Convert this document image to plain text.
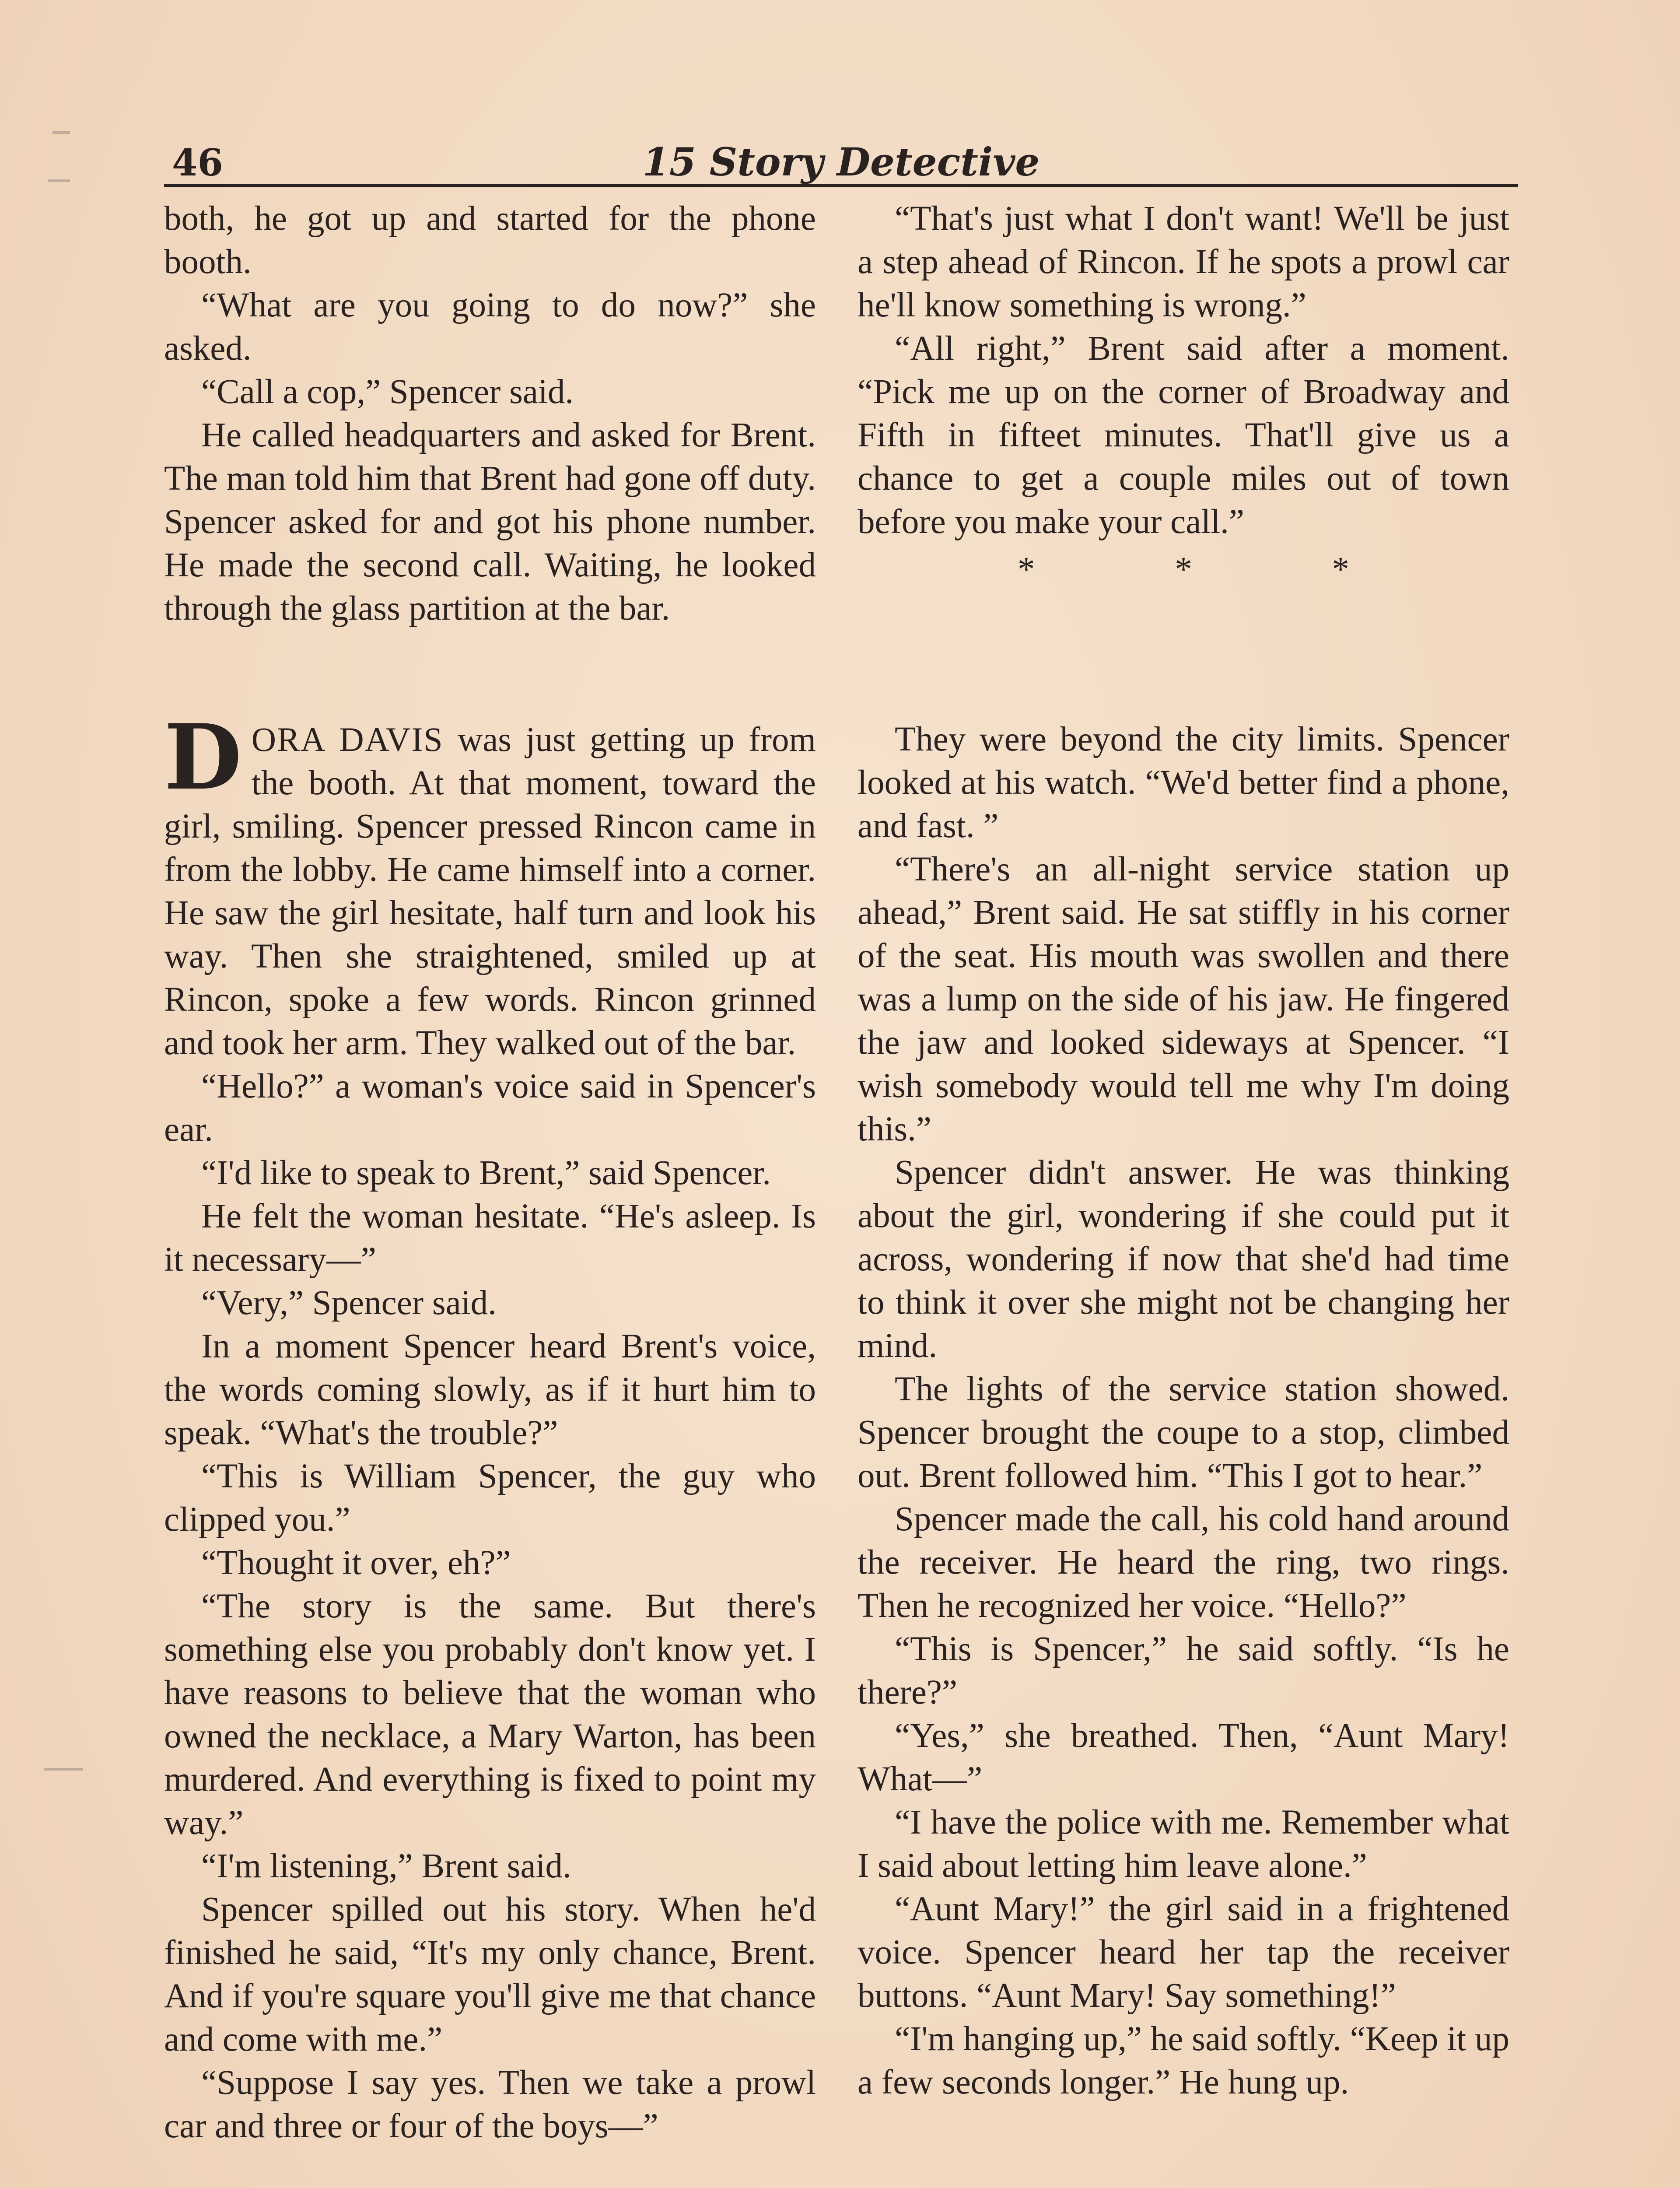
46	15 Story Detective

both, he got up and started for the phone booth.

“What are you going to do now?” she asked.

“Call a cop,” Spencer said.

He called headquarters and asked for Brent. The man told him that Brent had gone off duty. Spencer asked for and got his phone number. He made the second call. Waiting, he looked through the glass partition at the bar.

DORA DAVIS was just getting up from the booth. At that moment, toward the girl, smiling. Spencer pressed Rincon came in from the lobby. He came himself into a corner. He saw the girl hesitate, half turn and look his way. Then she straightened, smiled up at Rincon, spoke a few words. Rincon grinned and took her arm. They walked out of the bar.

“Hello?” a woman's voice said in Spencer's ear.

“I'd like to speak to Brent,” said Spencer.

He felt the woman hesitate. “He's asleep. Is it necessary—”

“Very,” Spencer said.

In a moment Spencer heard Brent's voice, the words coming slowly, as if it hurt him to speak. “What's the trouble?”

“This is William Spencer, the guy who clipped you.”

“Thought it over, eh?”

“The story is the same. But there's something else you probably don't know yet. I have reasons to believe that the woman who owned the necklace, a Mary Warton, has been murdered. And everything is fixed to point my way.”

“I'm listening,” Brent said.

Spencer spilled out his story. When he'd finished he said, “It's my only chance, Brent. And if you're square you'll give me that chance and come with me.”

“Suppose I say yes. Then we take a prowl car and three or four of the boys—”

“That's just what I don't want! We'll be just a step ahead of Rincon. If he spots a prowl car he'll know something is wrong.”

“All right,” Brent said after a moment. “Pick me up on the corner of Broadway and Fifth in fifteet minutes. That'll give us a chance to get a couple miles out of town before you make your call.”

* * *

They were beyond the city limits. Spencer looked at his watch. “We'd better find a phone, and fast. ”

“There's an all-night service station up ahead,” Brent said. He sat stiffly in his corner of the seat. His mouth was swollen and there was a lump on the side of his jaw. He fingered the jaw and looked sideways at Spencer. “I wish somebody would tell me why I'm doing this.”

Spencer didn't answer. He was thinking about the girl, wondering if she could put it across, wondering if now that she'd had time to think it over she might not be changing her mind.

The lights of the service station showed. Spencer brought the coupe to a stop, climbed out. Brent followed him. “This I got to hear.”

Spencer made the call, his cold hand around the receiver. He heard the ring, two rings. Then he recognized her voice. “Hello?”

“This is Spencer,” he said softly. “Is he there?”

“Yes,” she breathed. Then, “Aunt Mary! What—”

“I have the police with me. Remember what I said about letting him leave alone.”

“Aunt Mary!” the girl said in a frightened voice. Spencer heard her tap the receiver buttons. “Aunt Mary! Say something!”

“I'm hanging up,” he said softly. “Keep it up a few seconds longer.” He hung up.
